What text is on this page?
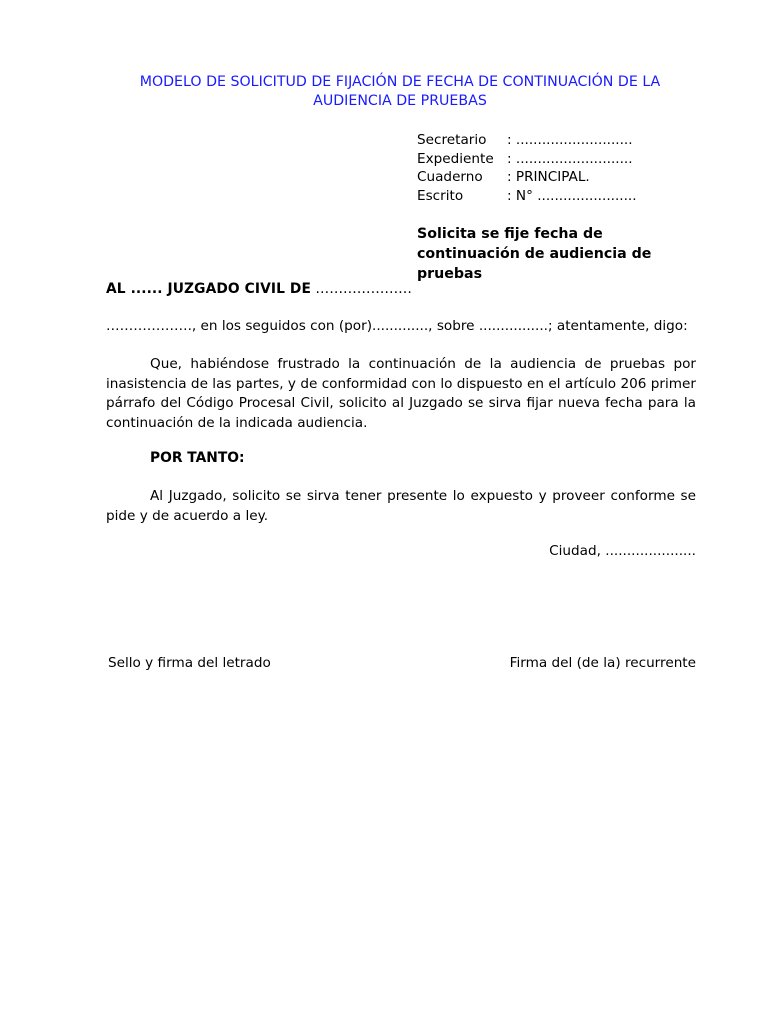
MODELO DE SOLICITUD DE FIJACIÓN DE FECHA DE CONTINUACIÓN DE LA AUDIENCIA DE PRUEBAS
Secretario	: ...........................
Expediente	: ...........................
Cuaderno	: PRINCIPAL.
Escrito	: N° .......................
Solicita se fije fecha de continuación de audiencia de pruebas
AL ...... JUZGADO CIVIL DE …………………
………………., en los seguidos con (por)............., sobre ................; atentamente, digo:
Que, habiéndose frustrado la continuación de la audiencia de pruebas por inasistencia de las partes, y de conformidad con lo dispuesto en el artículo 206 primer párrafo del Código Procesal Civil, solicito al Juzgado se sirva fijar nueva fecha para la continuación de la indicada audiencia.
POR TANTO:
Al Juzgado, solicito se sirva tener presente lo expuesto y proveer conforme se pide y de acuerdo a ley.
Ciudad, .....................
Sello y firma del letrado	Firma del (de la) recurrente
